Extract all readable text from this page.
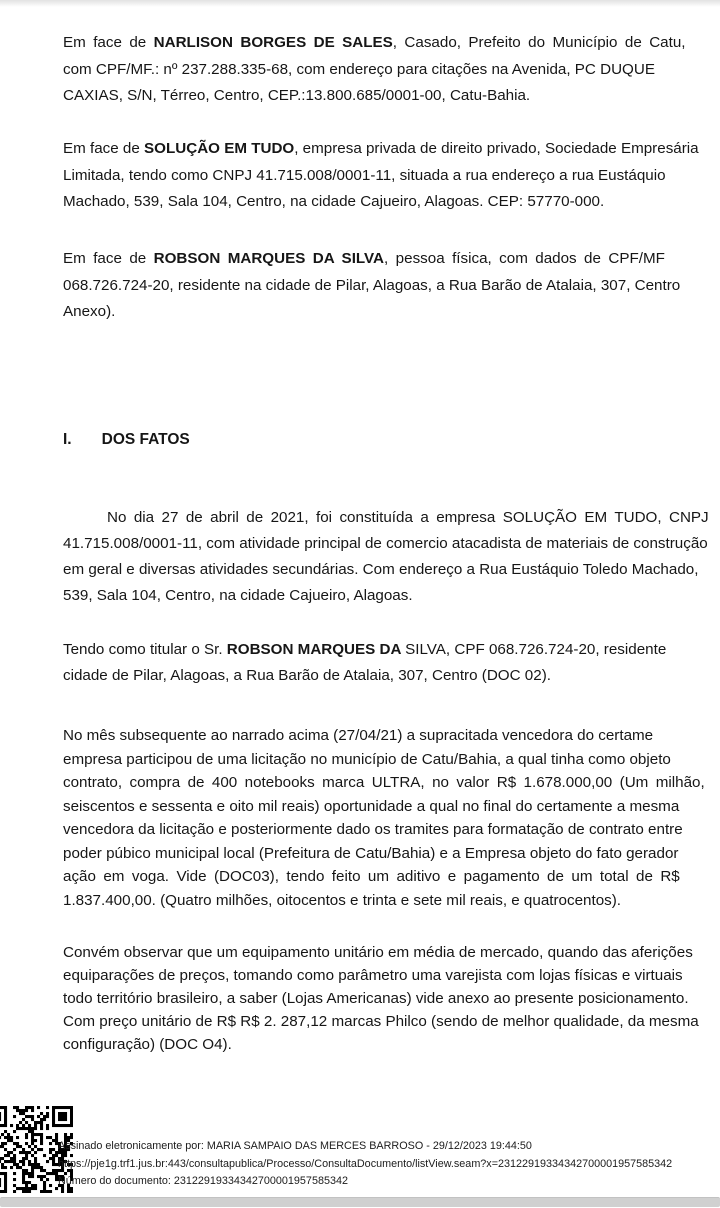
Em face de NARLISON BORGES DE SALES, Casado, Prefeito do Município de Catu,
com CPF/MF.: nº 237.288.335-68, com endereço para citações na Avenida, PC DUQUE
CAXIAS, S/N, Térreo, Centro, CEP.:13.800.685/0001-00, Catu-Bahia.
Em face de SOLUÇÃO EM TUDO, empresa privada de direito privado, Sociedade Empresária
Limitada, tendo como CNPJ 41.715.008/0001-11, situada a rua endereço a rua Eustáquio
Machado, 539, Sala 104, Centro, na cidade Cajueiro, Alagoas. CEP: 57770-000.
Em face de ROBSON MARQUES DA SILVA, pessoa física, com dados de CPF/MF
068.726.724-20, residente na cidade de Pilar, Alagoas, a Rua Barão de Atalaia, 307, Centro
Anexo).
I. DOS FATOS
No dia 27 de abril de 2021, foi constituída a empresa SOLUÇÃO EM TUDO, CNPJ
41.715.008/0001-11, com atividade principal de comercio atacadista de materiais de construção
em geral e diversas atividades secundárias. Com endereço a Rua Eustáquio Toledo Machado,
539, Sala 104, Centro, na cidade Cajueiro, Alagoas.
Tendo como titular o Sr. ROBSON MARQUES DA SILVA, CPF 068.726.724-20, residente
cidade de Pilar, Alagoas, a Rua Barão de Atalaia, 307, Centro (DOC 02).
No mês subsequente ao narrado acima (27/04/21) a supracitada vencedora do certame
empresa participou de uma licitação no município de Catu/Bahia, a qual tinha como objeto
contrato, compra de 400 notebooks marca ULTRA, no valor R$ 1.678.000,00 (Um milhão,
seiscentos e sessenta e oito mil reais) oportunidade a qual no final do certamente a mesma
vencedora da licitação e posteriormente dado os tramites para formatação de contrato entre
poder púbico municipal local (Prefeitura de Catu/Bahia) e a Empresa objeto do fato gerador
ação em voga. Vide (DOC03), tendo feito um aditivo e pagamento de um total de R$
1.837.400,00. (Quatro milhões, oitocentos e trinta e sete mil reais, e quatrocentos).
Convém observar que um equipamento unitário em média de mercado, quando das aferições
equiparações de preços, tomando como parâmetro uma varejista com lojas físicas e virtuais
todo território brasileiro, a saber (Lojas Americanas) vide anexo ao presente posicionamento.
Com preço unitário de R$ R$ 2. 287,12 marcas Philco (sendo de melhor qualidade, da mesma
configuração) (DOC O4).
Assinado eletronicamente por: MARIA SAMPAIO DAS MERCES BARROSO - 29/12/2023 19:44:50
https://pje1g.trf1.jus.br:443/consultapublica/Processo/ConsultaDocumento/listView.seam?x=23122919334342700001957585342
Número do documento: 23122919334342700001957585342
